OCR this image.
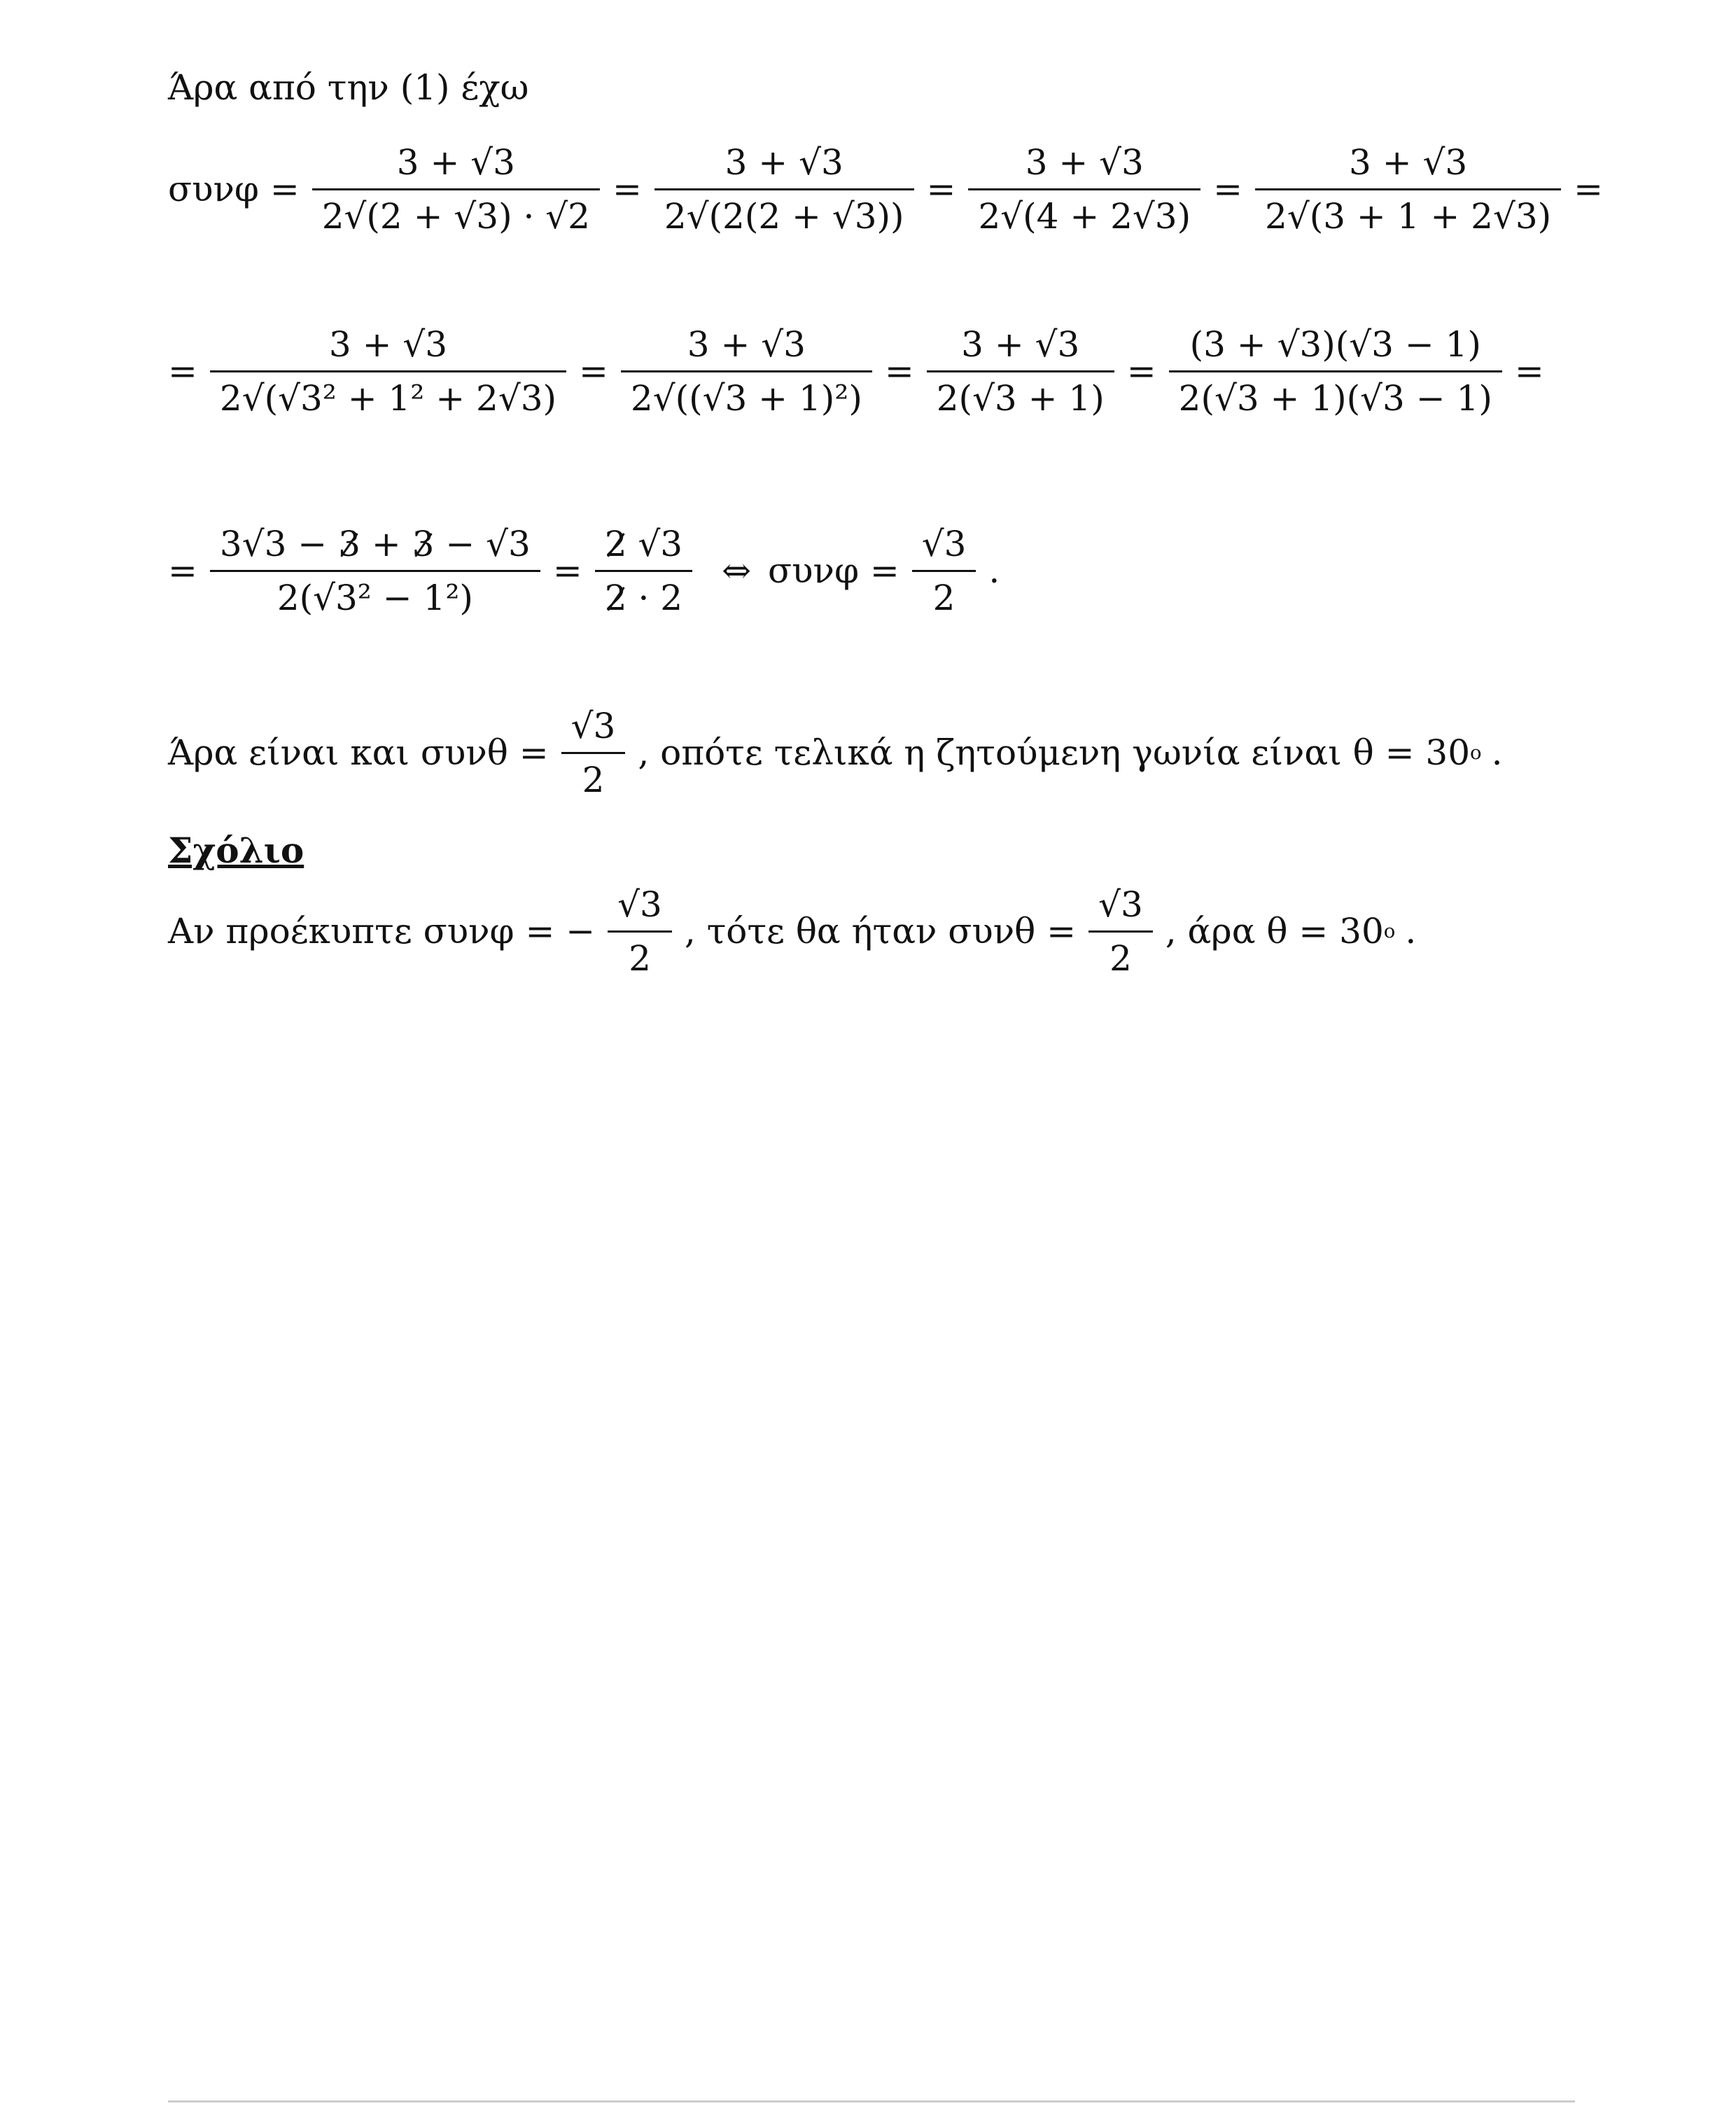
Άρα από την (1) έχω
$\sigma\upsilon\nu\varphi = \frac{3 + √3}{2√(2 + √3) \cdot √2} = \frac{3 + √3}{2√(2(2 + √3))} = \frac{3 + √3}{2√(4 + 2√3)} = \frac{3 + √3}{2√(3 + 1 + 2√3)}$ =
= $\frac{3 + √3}{\text{2√(√3² + 1² + 2√3)}} = \frac{3 + √3}{\text{2√((√3 + 1)²)}} = \frac{3 + √3}{2(√3 + 1)} = \frac{(3 + √3)(√3 - 1)}{2(√3 + 1)(√3 - 1)}$ =
= $\frac{3√3 - 3 + 3 - √3}{\text{2(√3² − 1²)}} = \frac{2 √3}{2 \cdot 2}$ ⇔ $\sigma\upsilon\nu\varphi = \frac{√3}{2}$ .
Άρα είναι και $\sigma\upsilon\nu\theta = \frac{√3}{2}$ , οπότε τελικά η ζητούμενη γωνία είναι θ = 30 ο .
Σχόλιο
Αν προέκυπτε συνφ = − $\frac{√3}{2}$ , τότε θα ήταν $\sigma\upsilon\nu\theta = \frac{√3}{2}$ , άρα θ = 30 ο .
